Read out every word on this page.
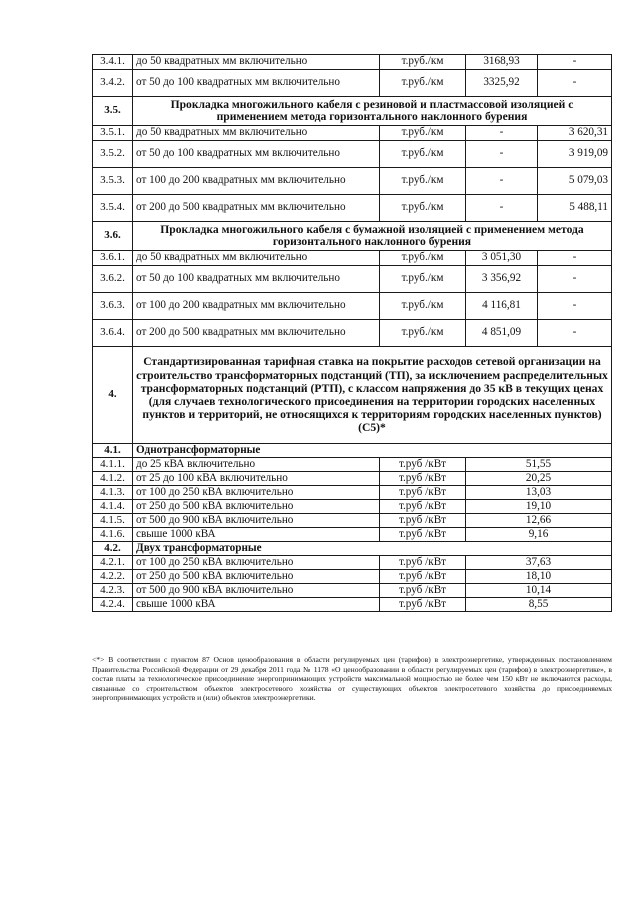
3.4.1.	до 50 квадратных мм включительно	т.руб./км	3168,93	-
3.4.2.	от 50 до 100 квадратных мм включительно	т.руб./км	3325,92	-
3.5.	Прокладка многожильного кабеля с резиновой и пластмассовой изоляцией с применением метода горизонтального наклонного бурения			
3.5.1.	до 50 квадратных мм включительно	т.руб./км	-	3 620,31
3.5.2.	от 50 до 100 квадратных мм включительно	т.руб./км	-	3 919,09
3.5.3.	от 100 до 200 квадратных мм включительно	т.руб./км	-	5 079,03
3.5.4.	от 200 до 500 квадратных мм включительно	т.руб./км	-	5 488,11
3.6.	Прокладка многожильного кабеля с бумажной изоляцией с применением метода горизонтального наклонного бурения			
3.6.1.	до 50 квадратных мм включительно	т.руб./км	3 051,30	-
3.6.2.	от 50 до 100 квадратных мм включительно	т.руб./км	3 356,92	-
3.6.3.	от 100 до 200 квадратных мм включительно	т.руб./км	4 116,81	-
3.6.4.	от 200 до 500 квадратных мм включительно	т.руб./км	4 851,09	-
4.	Стандартизированная тарифная ставка на покрытие расходов сетевой организации на строительство трансформаторных подстанций (ТП), за исключением распределительных трансформаторных подстанций (РТП), с классом напряжения до 35 кВ в текущих ценах (для случаев технологического присоединения на территории городских населенных пунктов и территорий, не относящихся к территориям городских населенных пунктов) (С5)*			
4.1.	Однотрансформаторные			
4.1.1.	до 25 кВА включительно	т.руб /кВт	51,55	
4.1.2.	от 25 до 100 кВА включительно	т.руб /кВт	20,25	
4.1.3.	от 100 до 250 кВА включительно	т.руб /кВт	13,03	
4.1.4.	от 250 до 500 кВА включительно	т.руб /кВт	19,10	
4.1.5.	от 500 до 900 кВА включительно	т.руб /кВт	12,66	
4.1.6.	свыше 1000 кВА	т.руб /кВт	9,16	
4.2.	Двух трансформаторные			
4.2.1.	от 100 до 250 кВА включительно	т.руб /кВт	37,63	
4.2.2.	от 250 до 500 кВА включительно	т.руб /кВт	18,10	
4.2.3.	от 500 до 900 кВА включительно	т.руб /кВт	10,14	
4.2.4.	свыше 1000 кВА	т.руб /кВт	8,55	
<*> В соответствии с пунктом 87 Основ ценообразования в области регулируемых цен (тарифов) в электроэнергетике, утвержденных постановлением Правительства Российской Федерации от 29 декабря 2011 года № 1178 «О ценообразовании в области регулируемых цен (тарифов) в электроэнергетике», в состав платы за технологическое присоединение энергопринимающих устройств максимальной мощностью не более чем 150 кВт не включаются расходы, связанные со строительством объектов электросетевого хозяйства от существующих объектов электросетевого хозяйства до присоединяемых энергопринимающих устройств и (или) объектов электроэнергетики.
